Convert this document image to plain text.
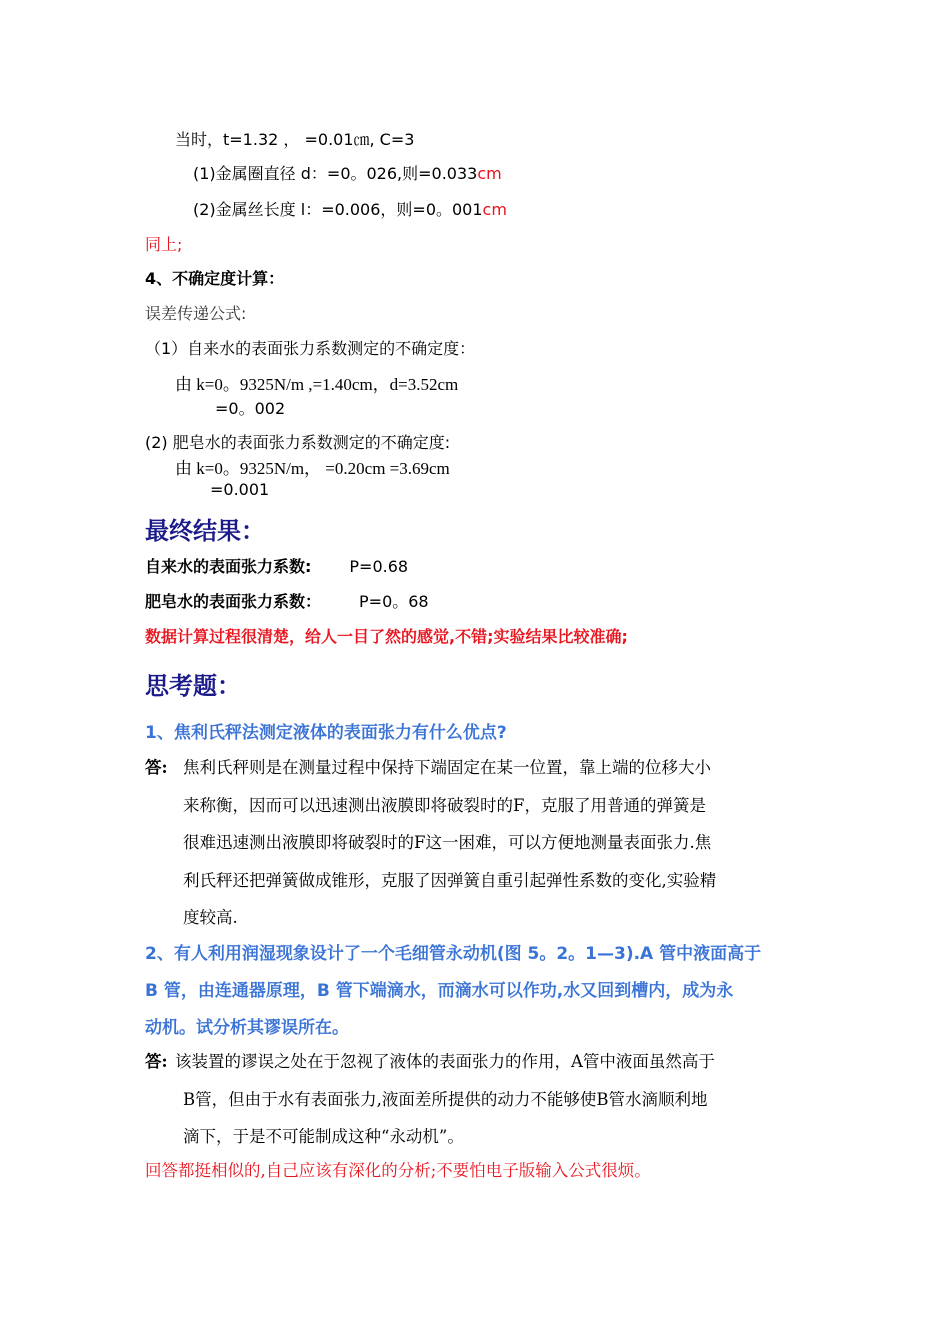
当时，t=1.32 ， =0.01㎝, C=3
(1)金属圈直径 d：=0。026,则=0.033cm
(2)金属丝长度 l：=0.006，则=0。001cm
同上;
4、不确定度计算：
误差传递公式:
（1）自来水的表面张力系数测定的不确定度：
由 k=0。9325N/m ,=1.40cm，d=3.52cm
=0。002
(2) 肥皂水的表面张力系数测定的不确定度:
由 k=0。9325N/m， =0.20cm =3.69cm
=0.001
最终结果：
自来水的表面张力系数: P=0.68
肥皂水的表面张力系数： P=0。68
数据计算过程很清楚，给人一目了然的感觉,不错;实验结果比较准确;
思考题：
1、焦利氏秤法测定液体的表面张力有什么优点?
答: 焦利氏秤则是在测量过程中保持下端固定在某一位置，靠上端的位移大小
来称衡，因而可以迅速测出液膜即将破裂时的F，克服了用普通的弹簧是
很难迅速测出液膜即将破裂时的F这一困难，可以方便地测量表面张力.焦
利氏秤还把弹簧做成锥形，克服了因弹簧自重引起弹性系数的变化,实验精
度较高.
2、有人利用润湿现象设计了一个毛细管永动机(图 5。2。1—3).A 管中液面高于
B 管，由连通器原理，B 管下端滴水，而滴水可以作功,水又回到槽内，成为永
动机。试分析其谬误所在。
答: 该装置的谬误之处在于忽视了液体的表面张力的作用，A管中液面虽然高于
B管，但由于水有表面张力,液面差所提供的动力不能够使B管水滴顺利地
滴下，于是不可能制成这种“永动机”。
回答都挺相似的,自己应该有深化的分析;不要怕电子版输入公式很烦。
